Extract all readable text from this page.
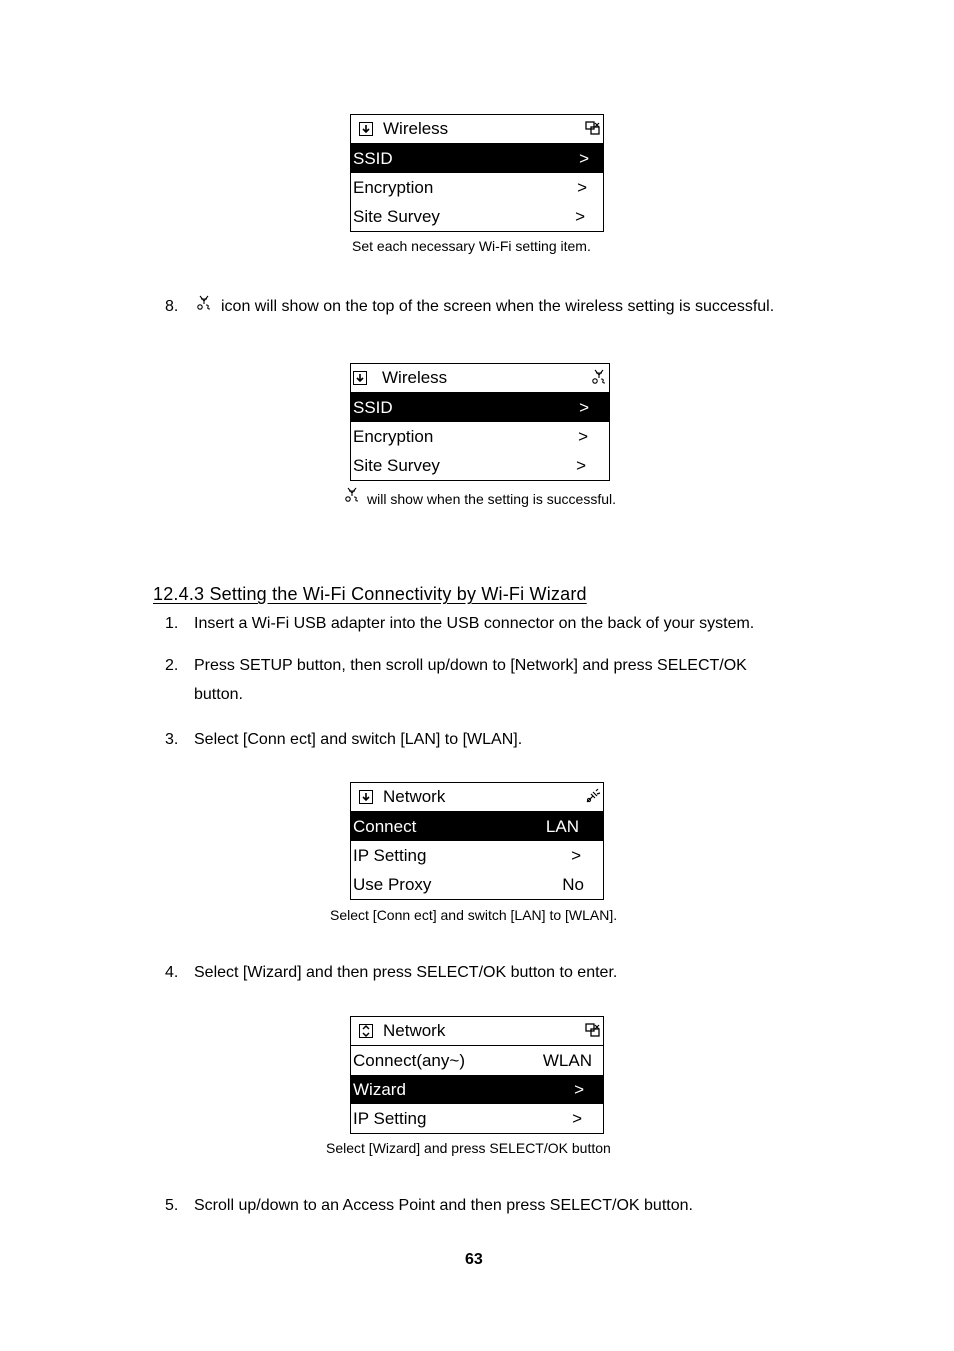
Wireless
SSID	>
Encryption	>
Site Survey	>
Set each necessary Wi-Fi setting item.
8.	icon will show on the top of the screen when the wireless setting is successful.
Wireless
SSID	>
Encryption	>
Site Survey	>
will show when the setting is successful.
12.4.3 Setting the Wi-Fi Connectivity by Wi-Fi Wizard
1. Insert a Wi-Fi USB adapter into the USB connector on the back of your system.
2. Press SETUP button, then scroll up/down to [Network] and press SELECT/OK
button.
3. Select [Conn ect] and switch [LAN] to [WLAN].
Network
Connect	LAN
IP Setting	>
Use Proxy	No
Select [Conn ect] and switch [LAN] to [WLAN].
4. Select [Wizard] and then press SELECT/OK button to enter.
Network
Connect(any~)	WLAN
Wizard	>
IP Setting	>
Select [Wizard] and press SELECT/OK button
5. Scroll up/down to an Access Point and then press SELECT/OK button.
63
